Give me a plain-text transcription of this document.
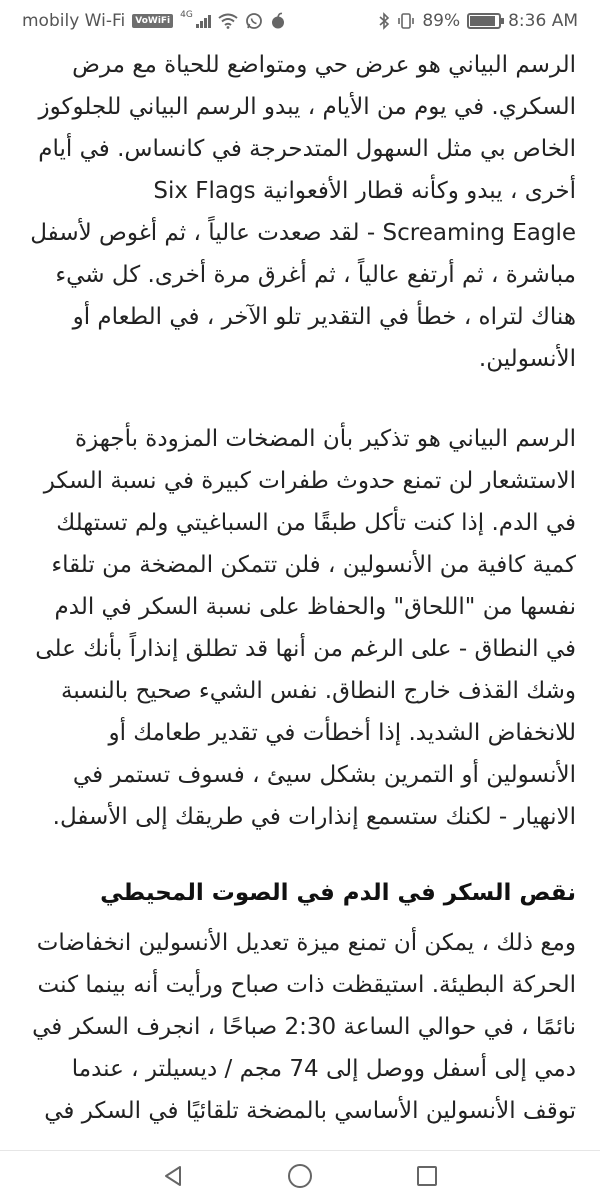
mobily Wi-Fi	VoWiFi
4G	89%	8:36 AM

الرسم البياني هو عرض حي ومتواضع للحياة مع مرض السكري. في يوم من الأيام ، يبدو الرسم البياني للجلوكوز الخاص بي مثل السهول المتدحرجة في كانساس. في أيام أخرى ، يبدو وكأنه قطار الأفعوانية Six Flags Screaming Eagle - لقد صعدت عالياً ، ثم أغوص لأسفل مباشرة ، ثم أرتفع عالياً ، ثم أغرق مرة أخرى. كل شيء هناك لتراه ، خطأ في التقدير تلو الآخر ، في الطعام أو الأنسولين.

الرسم البياني هو تذكير بأن المضخات المزودة بأجهزة الاستشعار لن تمنع حدوث طفرات كبيرة في نسبة السكر في الدم. إذا كنت تأكل طبقًا من السباغيتي ولم تستهلك كمية كافية من الأنسولين ، فلن تتمكن المضخة من تلقاء نفسها من "اللحاق" والحفاظ على نسبة السكر في الدم في النطاق - على الرغم من أنها قد تطلق إنذاراً بأنك على وشك القذف خارج النطاق. نفس الشيء صحيح بالنسبة للانخفاض الشديد. إذا أخطأت في تقدير طعامك أو الأنسولين أو التمرين بشكل سيئ ، فسوف تستمر في الانهيار - لكنك ستسمع إنذارات في طريقك إلى الأسفل.

نقص السكر في الدم في الصوت المحيطي

ومع ذلك ، يمكن أن تمنع ميزة تعديل الأنسولين انخفاضات الحركة البطيئة. استيقظت ذات صباح ورأيت أنه بينما كنت نائمًا ، في حوالي الساعة 2:30 صباحًا ، انجرف السكر في دمي إلى أسفل ووصل إلى 74 مجم / ديسيلتر ، عندما توقف الأنسولين الأساسي بالمضخة تلقائيًا في السكر في
